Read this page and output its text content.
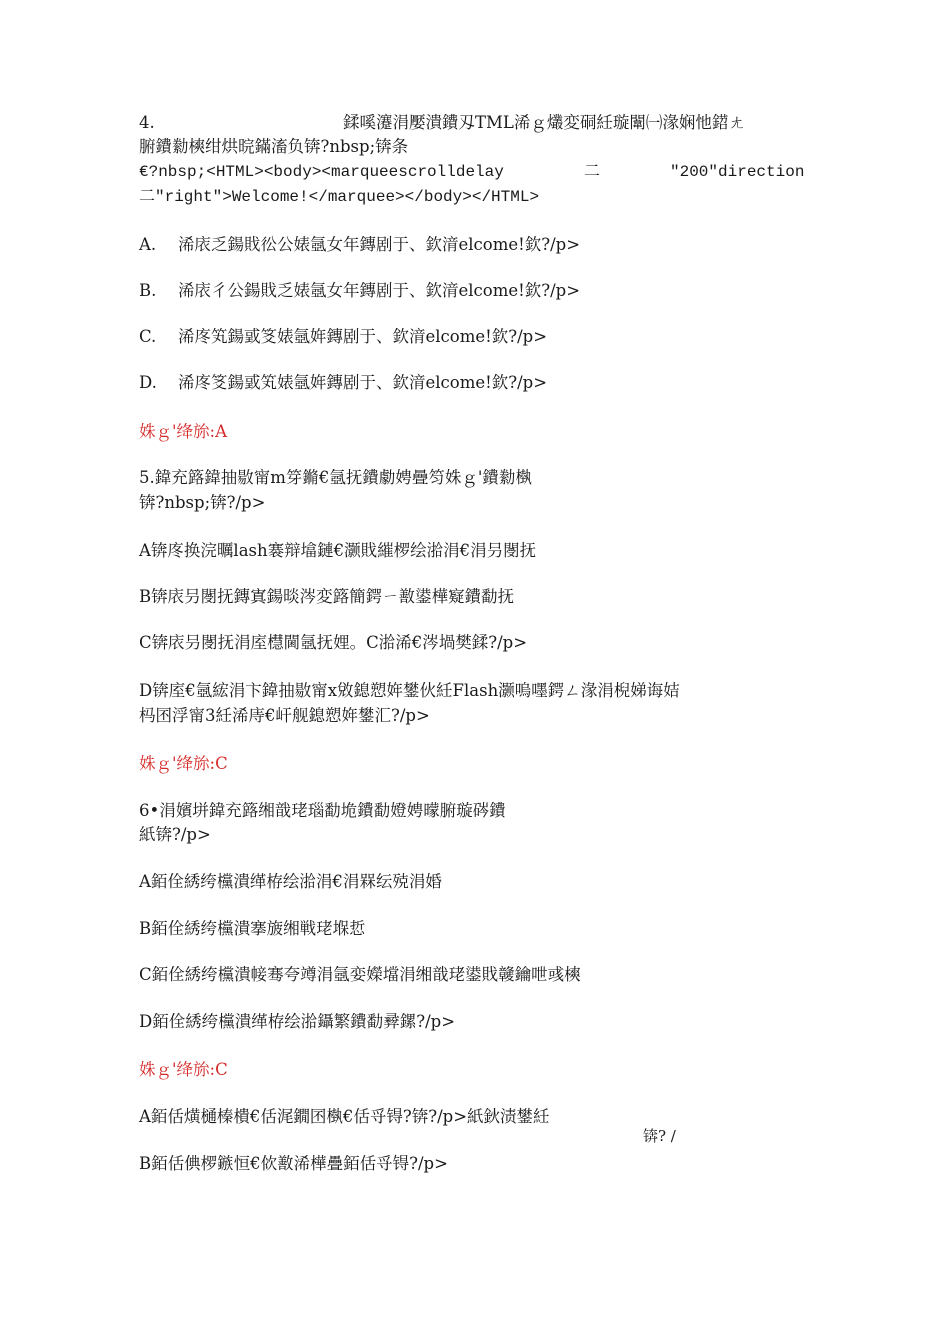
4.	鍒嗘瀽涓嬮潰鐨刄TML浠ｇ爜変硐紝璇闈㈠湪娴忚鍣ㄤ

腑鐨勬樉绀烘晥鏋滀负锛?nbsp;锛条

€?nbsp;<HTML><body><marqueescrolldelay	二	"200"direction

二"right">Welcome!</marquee></body></HTML>

A. 浠庡乏鍚戝彸公婊氬女年鏄剧于、欽湇elcome!欽?/p>

B. 浠庡彳公鍚戝乏婊氬女年鏄剧于、欽湇elcome!欽?/p>

C. 浠庝笂鍚戜笅婊氬姩鏄剧于、欽湇elcome!欽?/p>

D. 浠庝笅鍚戜笂婊氬姩鏄剧于、欽湇elcome!欽?/p>

姝ｇ'绛旀:A

5.鍏充簬鍏抽敭甯m笌鏅€氬抚鐨勮娉曡笉姝ｇ'鐨勬槸

锛?nbsp;锛?/p>

A锛庝换浣曞lash褰辩墖鏈€灏戝繀椤绘湁涓€涓叧閿抚

B锛庡叧閿抚鏄寘鍚晱涔変簬簡鍔ㄧ敾鍙樺寲鐨勫抚

C锛庡叧閿抚涓庢櫘閫氬抚娌。C湁浠€涔堝樊鍒?/p>

D锛庢€氬綋涓卞鍏抽敭甯x敓鎴愬姩鐢伙紝Flash灏嗚嚜鍔ㄥ湪涓棿娣诲姞

杩囨浮甯3紝浠庤€屽舰鎴愬姩鐢汇?/p>

姝ｇ'绛旀:C

6•涓嬪垪鍏充簬缃戠珯瑙勫垝鐨勫嬁娉曚腑璇硶鐨

紙锛?/p>

A銆佺綉绔欓潰缂栫绘湁涓€涓槑纭殑涓婚

B銆佺綉绔欓潰搴旇缃戦珯堢悊

C銆佺綉绔欓潰帹骞夸竴涓氬娈嬫壋涓缃戠珯鍙戝竷鑰呭彧樉

D銆佺綉绔欓潰缂栫绘湁鑷繁鐨勫彛鏍?/p>

姝ｇ'绛旀:C

A銆佸熿樋榛樻€佸浘鐗囨槸€佸寽锝?锛?/p>紙鈥渍鐢紝

锛? /

B銆佸倎椤鏃恒€佽敾浠樺疊銆佸寽锝?/p>
